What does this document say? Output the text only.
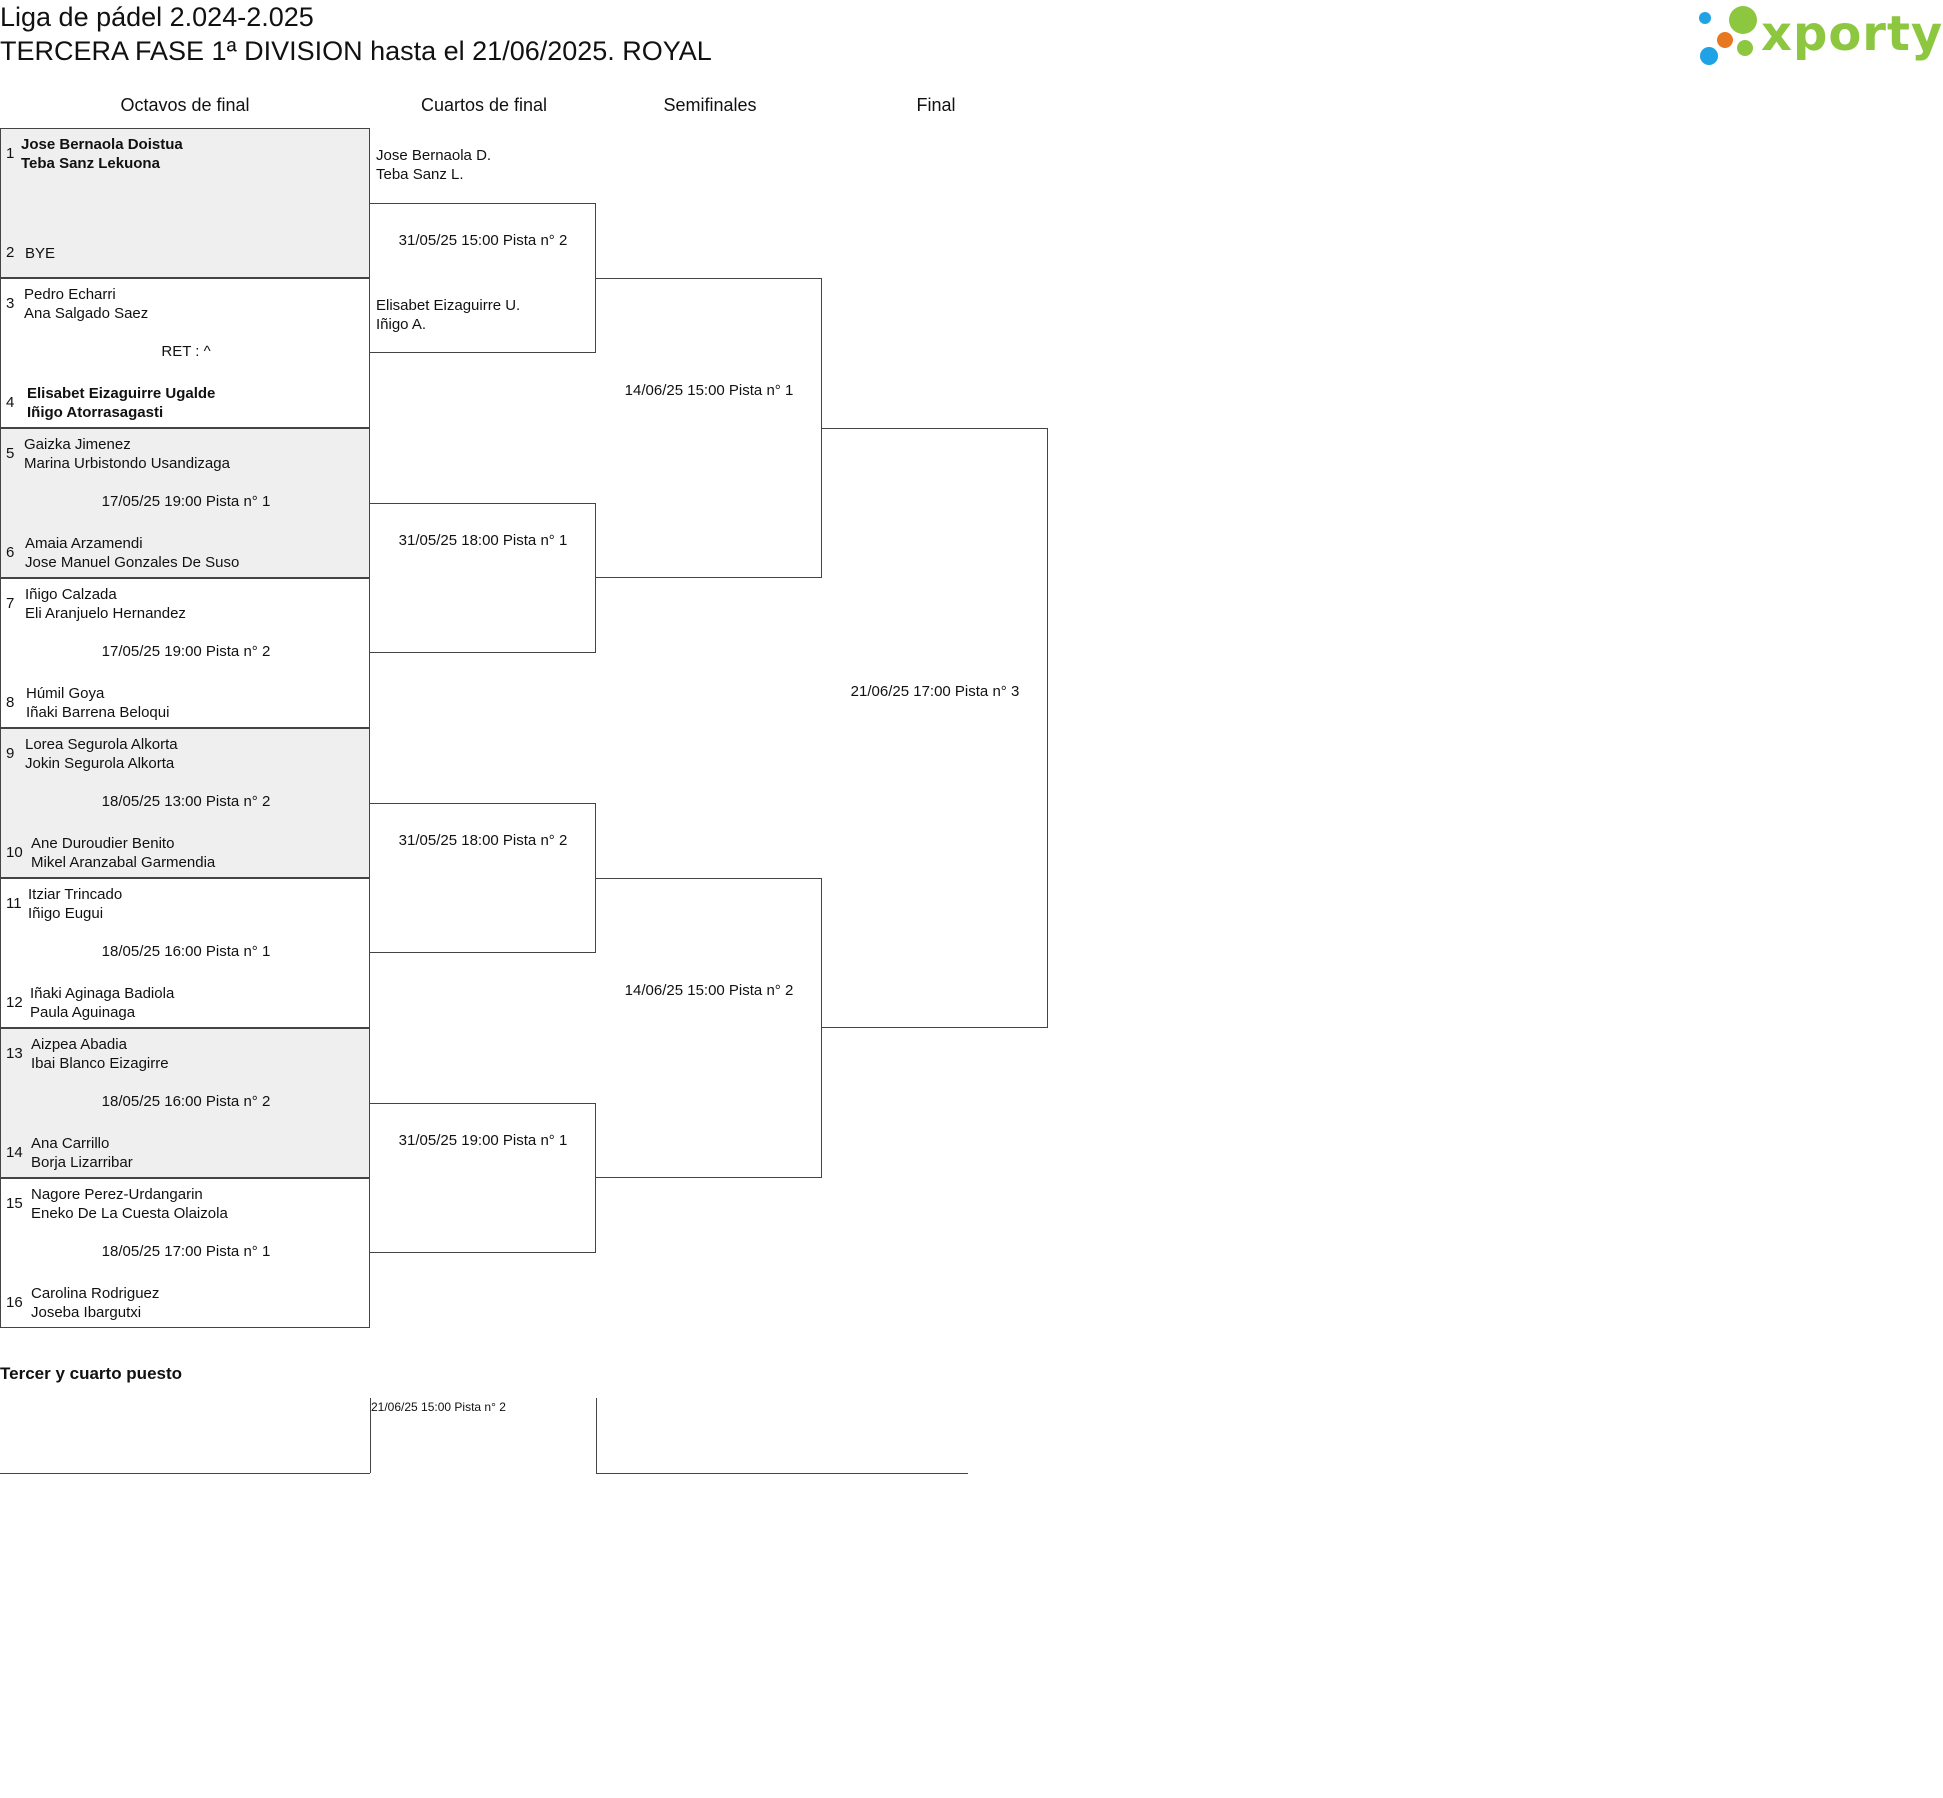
Liga de pádel 2.024-2.025
TERCERA FASE 1ª DIVISION hasta el 21/06/2025. ROYAL	xporty
Octavos de final	Cuartos de final	Semifinales	Final
1
Jose Bernaola Doistua
Teba Sanz Lekuona
2 BYE
3
Pedro Echarri
Ana Salgado Saez
RET : ^
4
Elisabet Eizaguirre Ugalde
Iñigo Atorrasagasti
5
Gaizka Jimenez
Marina Urbistondo Usandizaga
17/05/25 19:00 Pista n° 1
6
Amaia Arzamendi
Jose Manuel Gonzales De Suso
7
Iñigo Calzada
Eli Aranjuelo Hernandez
17/05/25 19:00 Pista n° 2
8
Húmil Goya
Iñaki Barrena Beloqui
9
Lorea Segurola Alkorta
Jokin Segurola Alkorta
18/05/25 13:00 Pista n° 2
10
Ane Duroudier Benito
Mikel Aranzabal Garmendia
11
Itziar Trincado
Iñigo Eugui
18/05/25 16:00 Pista n° 1
12
Iñaki Aginaga Badiola
Paula Aguinaga
13
Aizpea Abadia
Ibai Blanco Eizagirre
18/05/25 16:00 Pista n° 2
14
Ana Carrillo
Borja Lizarribar
15
Nagore Perez-Urdangarin
Eneko De La Cuesta Olaizola
18/05/25 17:00 Pista n° 1
16
Carolina Rodriguez
Joseba Ibargutxi
Jose Bernaola D.
Teba Sanz L.
31/05/25 15:00 Pista n° 2
Elisabet Eizaguirre U.
Iñigo A.
31/05/25 18:00 Pista n° 1
31/05/25 18:00 Pista n° 2
31/05/25 19:00 Pista n° 1
14/06/25 15:00 Pista n° 1
14/06/25 15:00 Pista n° 2
21/06/25 17:00 Pista n° 3
Tercer y cuarto puesto
21/06/25 15:00 Pista n° 2
